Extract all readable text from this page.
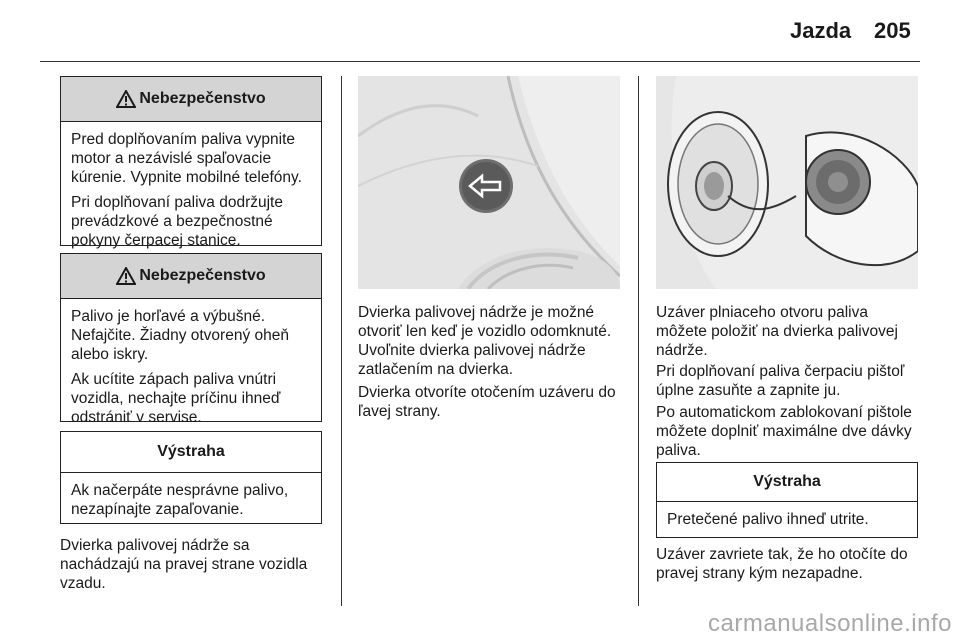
Jazda 205
Nebezpečenstvo

Pred doplňovaním paliva vypnite
motor a nezávislé spaľovacie
kúrenie. Vypnite mobilné telefóny.

Pri doplňovaní paliva dodržujte
prevádzkové a bezpečnostné
pokyny čerpacej stanice.

Nebezpečenstvo

Palivo je horľavé a výbušné.
Nefajčite. Žiadny otvorený oheň
alebo iskry.

Ak ucítite zápach paliva vnútri
vozidla, nechajte príčinu ihneď
odstrániť v servise.

Výstraha

Ak načerpáte nesprávne palivo,
nezapínajte zapaľovanie.

Dvierka palivovej nádrže sa
nachádzajú na pravej strane vozidla
vzadu.

Dvierka palivovej nádrže je možné
otvoriť len keď je vozidlo odomknuté.
Uvoľnite dvierka palivovej nádrže
zatlačením na dvierka.

Dvierka otvoríte otočením uzáveru do
ľavej strany.

Uzáver plniaceho otvoru paliva
môžete položiť na dvierka palivovej
nádrže.

Pri doplňovaní paliva čerpaciu pištoľ
úplne zasuňte a zapnite ju.

Po automatickom zablokovaní pištole
môžete doplniť maximálne dve dávky
paliva.

Výstraha

Pretečené palivo ihneď utrite.

Uzáver zavriete tak, že ho otočíte do
pravej strany kým nezapadne.

carmanualsonline.info
